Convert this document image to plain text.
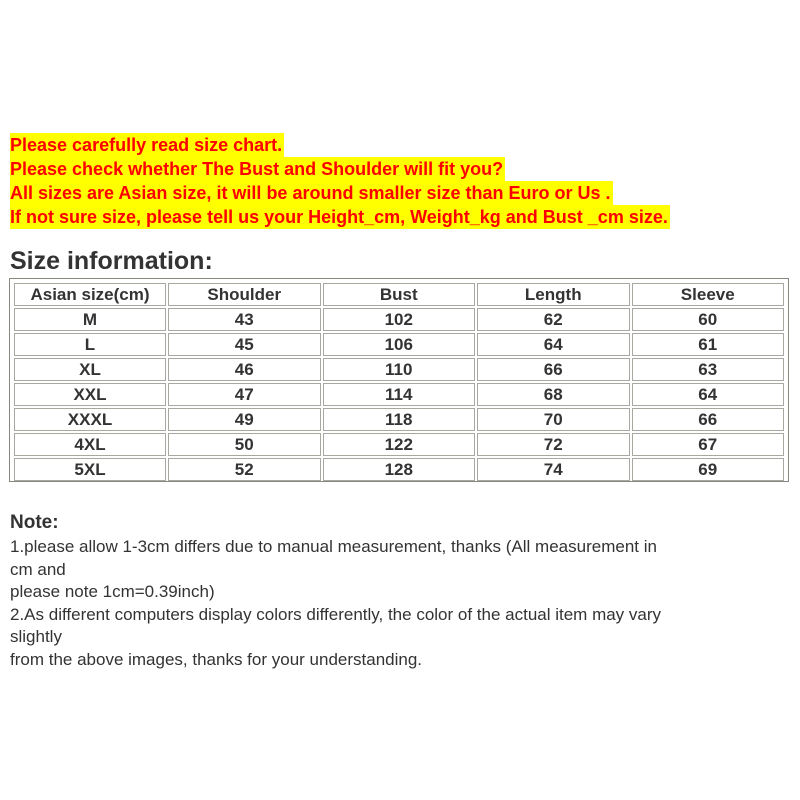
Please carefully read size chart.
Please check whether The Bust and Shoulder will fit you?
All sizes are Asian size, it will be around smaller size than Euro or Us .
If not sure size, please tell us your Height_cm, Weight_kg and Bust _cm size.
Size information:
Asian size(cm)	Shoulder	Bust	Length	Sleeve
M	43	102	62	60
L	45	106	64	61
XL	46	110	66	63
XXL	47	114	68	64
XXXL	49	118	70	66
4XL	50	122	72	67
5XL	52	128	74	69
Note:
1.please allow 1-3cm differs due to manual measurement, thanks (All measurement in
cm and
please note 1cm=0.39inch)
2.As different computers display colors differently, the color of the actual item may vary
slightly
from the above images, thanks for your understanding.
